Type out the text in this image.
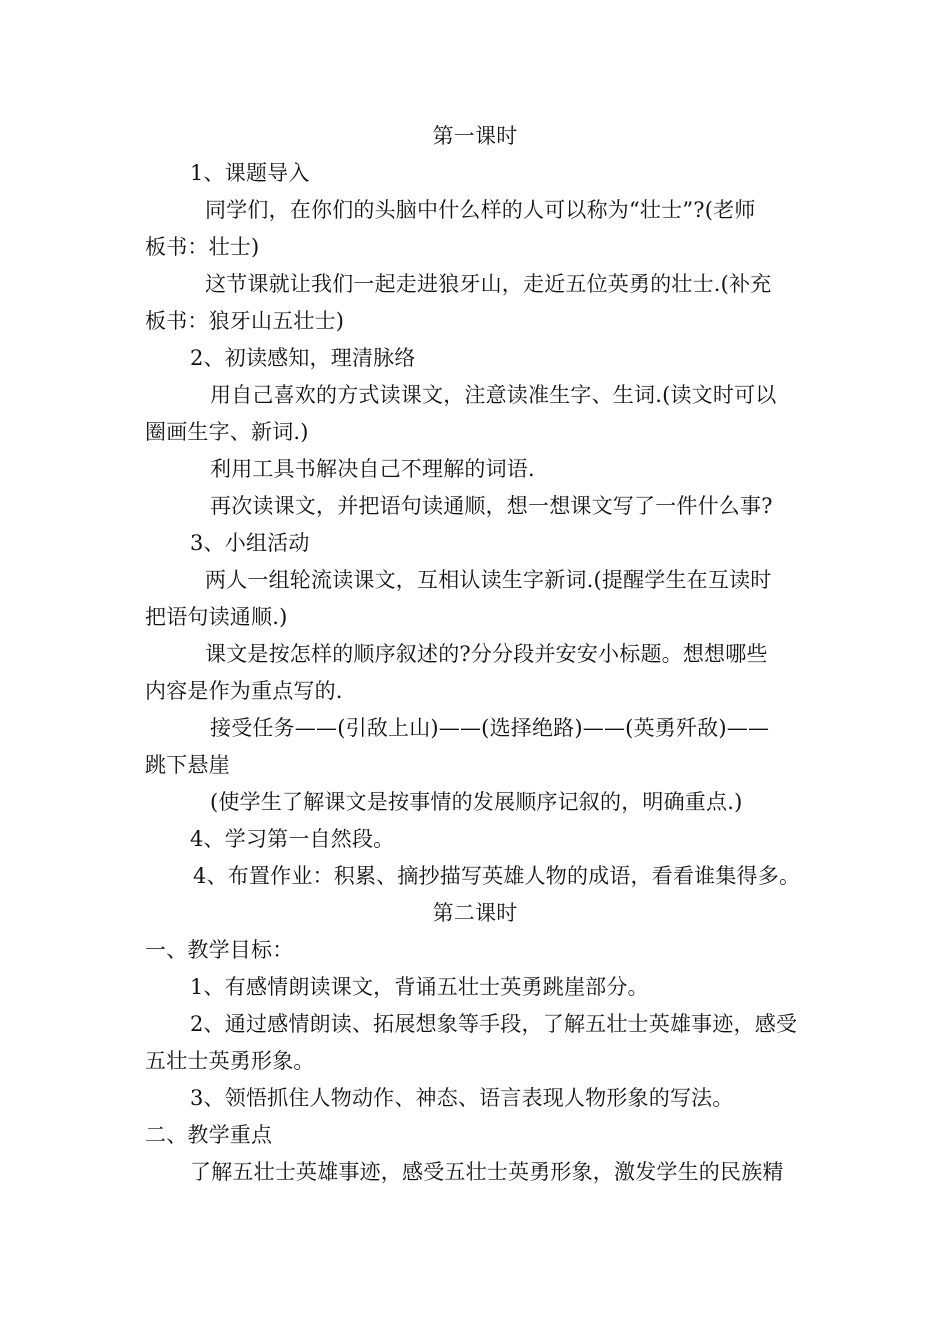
第一课时
1、课题导入
同学们，在你们的头脑中什么样的人可以称为“壮士”?(老师
板书：壮士)
这节课就让我们一起走进狼牙山，走近五位英勇的壮士.(补充
板书：狼牙山五壮士)
2、初读感知，理清脉络
用自己喜欢的方式读课文，注意读准生字、生词.(读文时可以
圈画生字、新词.)
利用工具书解决自己不理解的词语.
再次读课文，并把语句读通顺，想一想课文写了一件什么事?
3、小组活动
两人一组轮流读课文，互相认读生字新词.(提醒学生在互读时
把语句读通顺.)
课文是按怎样的顺序叙述的?分分段并安安小标题。想想哪些
内容是作为重点写的.
接受任务——(引敌上山)——(选择绝路)——(英勇歼敌)——
跳下悬崖
(使学生了解课文是按事情的发展顺序记叙的，明确重点.)
4、学习第一自然段。
4、布置作业：积累、摘抄描写英雄人物的成语，看看谁集得多。
第二课时
一、教学目标：
1、有感情朗读课文，背诵五壮士英勇跳崖部分。
2、通过感情朗读、拓展想象等手段，了解五壮士英雄事迹，感受
五壮士英勇形象。
3、领悟抓住人物动作、神态、语言表现人物形象的写法。
二、教学重点
了解五壮士英雄事迹，感受五壮士英勇形象，激发学生的民族精
